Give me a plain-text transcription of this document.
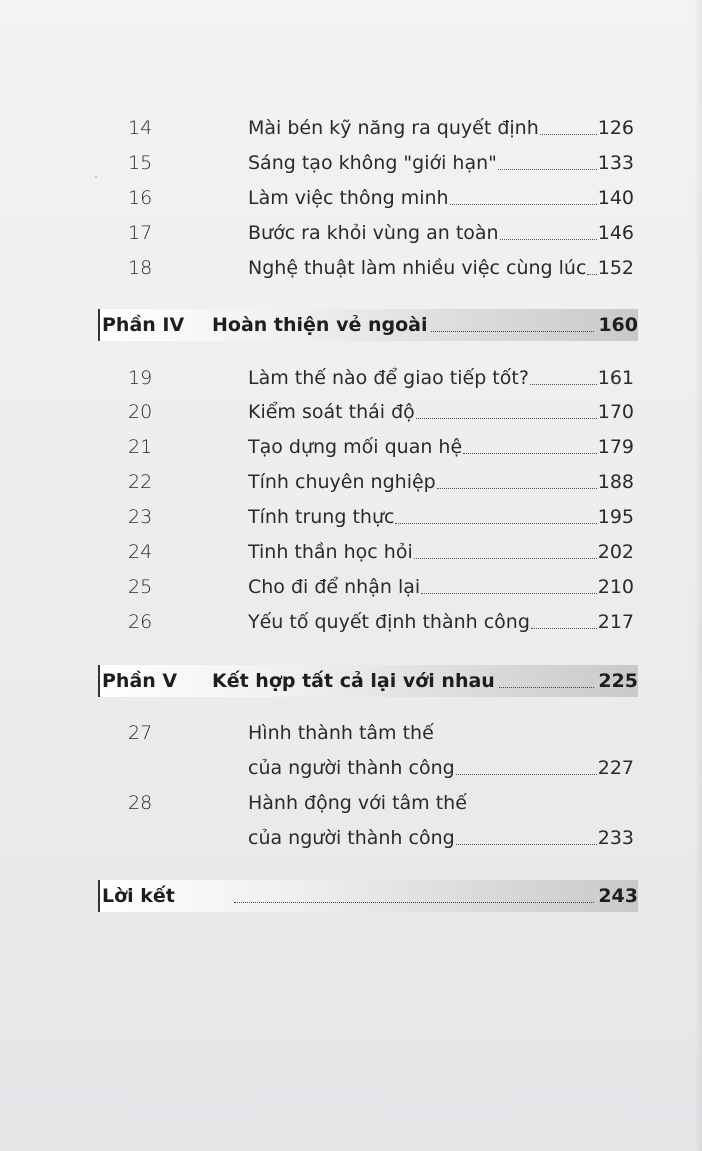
14	Mài bén kỹ năng ra quyết định	126
15	Sáng tạo không "giới hạn"	133
16	Làm việc thông minh	140
17	Bước ra khỏi vùng an toàn	146
18	Nghệ thuật làm nhiều việc cùng lúc 152
Phần IV Hoàn thiện vẻ ngoài	160
19	Làm thế nào để giao tiếp tốt?	161
20	Kiểm soát thái độ	170
21	Tạo dựng mối quan hệ	179
22	Tính chuyên nghiệp	188
23	Tính trung thực	195
24	Tinh thần học hỏi	202
25	Cho đi để nhận lại	210
26	Yếu tố quyết định thành công	217
Phần V Kết hợp tất cả lại với nhau	225
27	Hình thành tâm thế
của người thành công	227
28	Hành động với tâm thế
của người thành công	233
Lời kết	243
